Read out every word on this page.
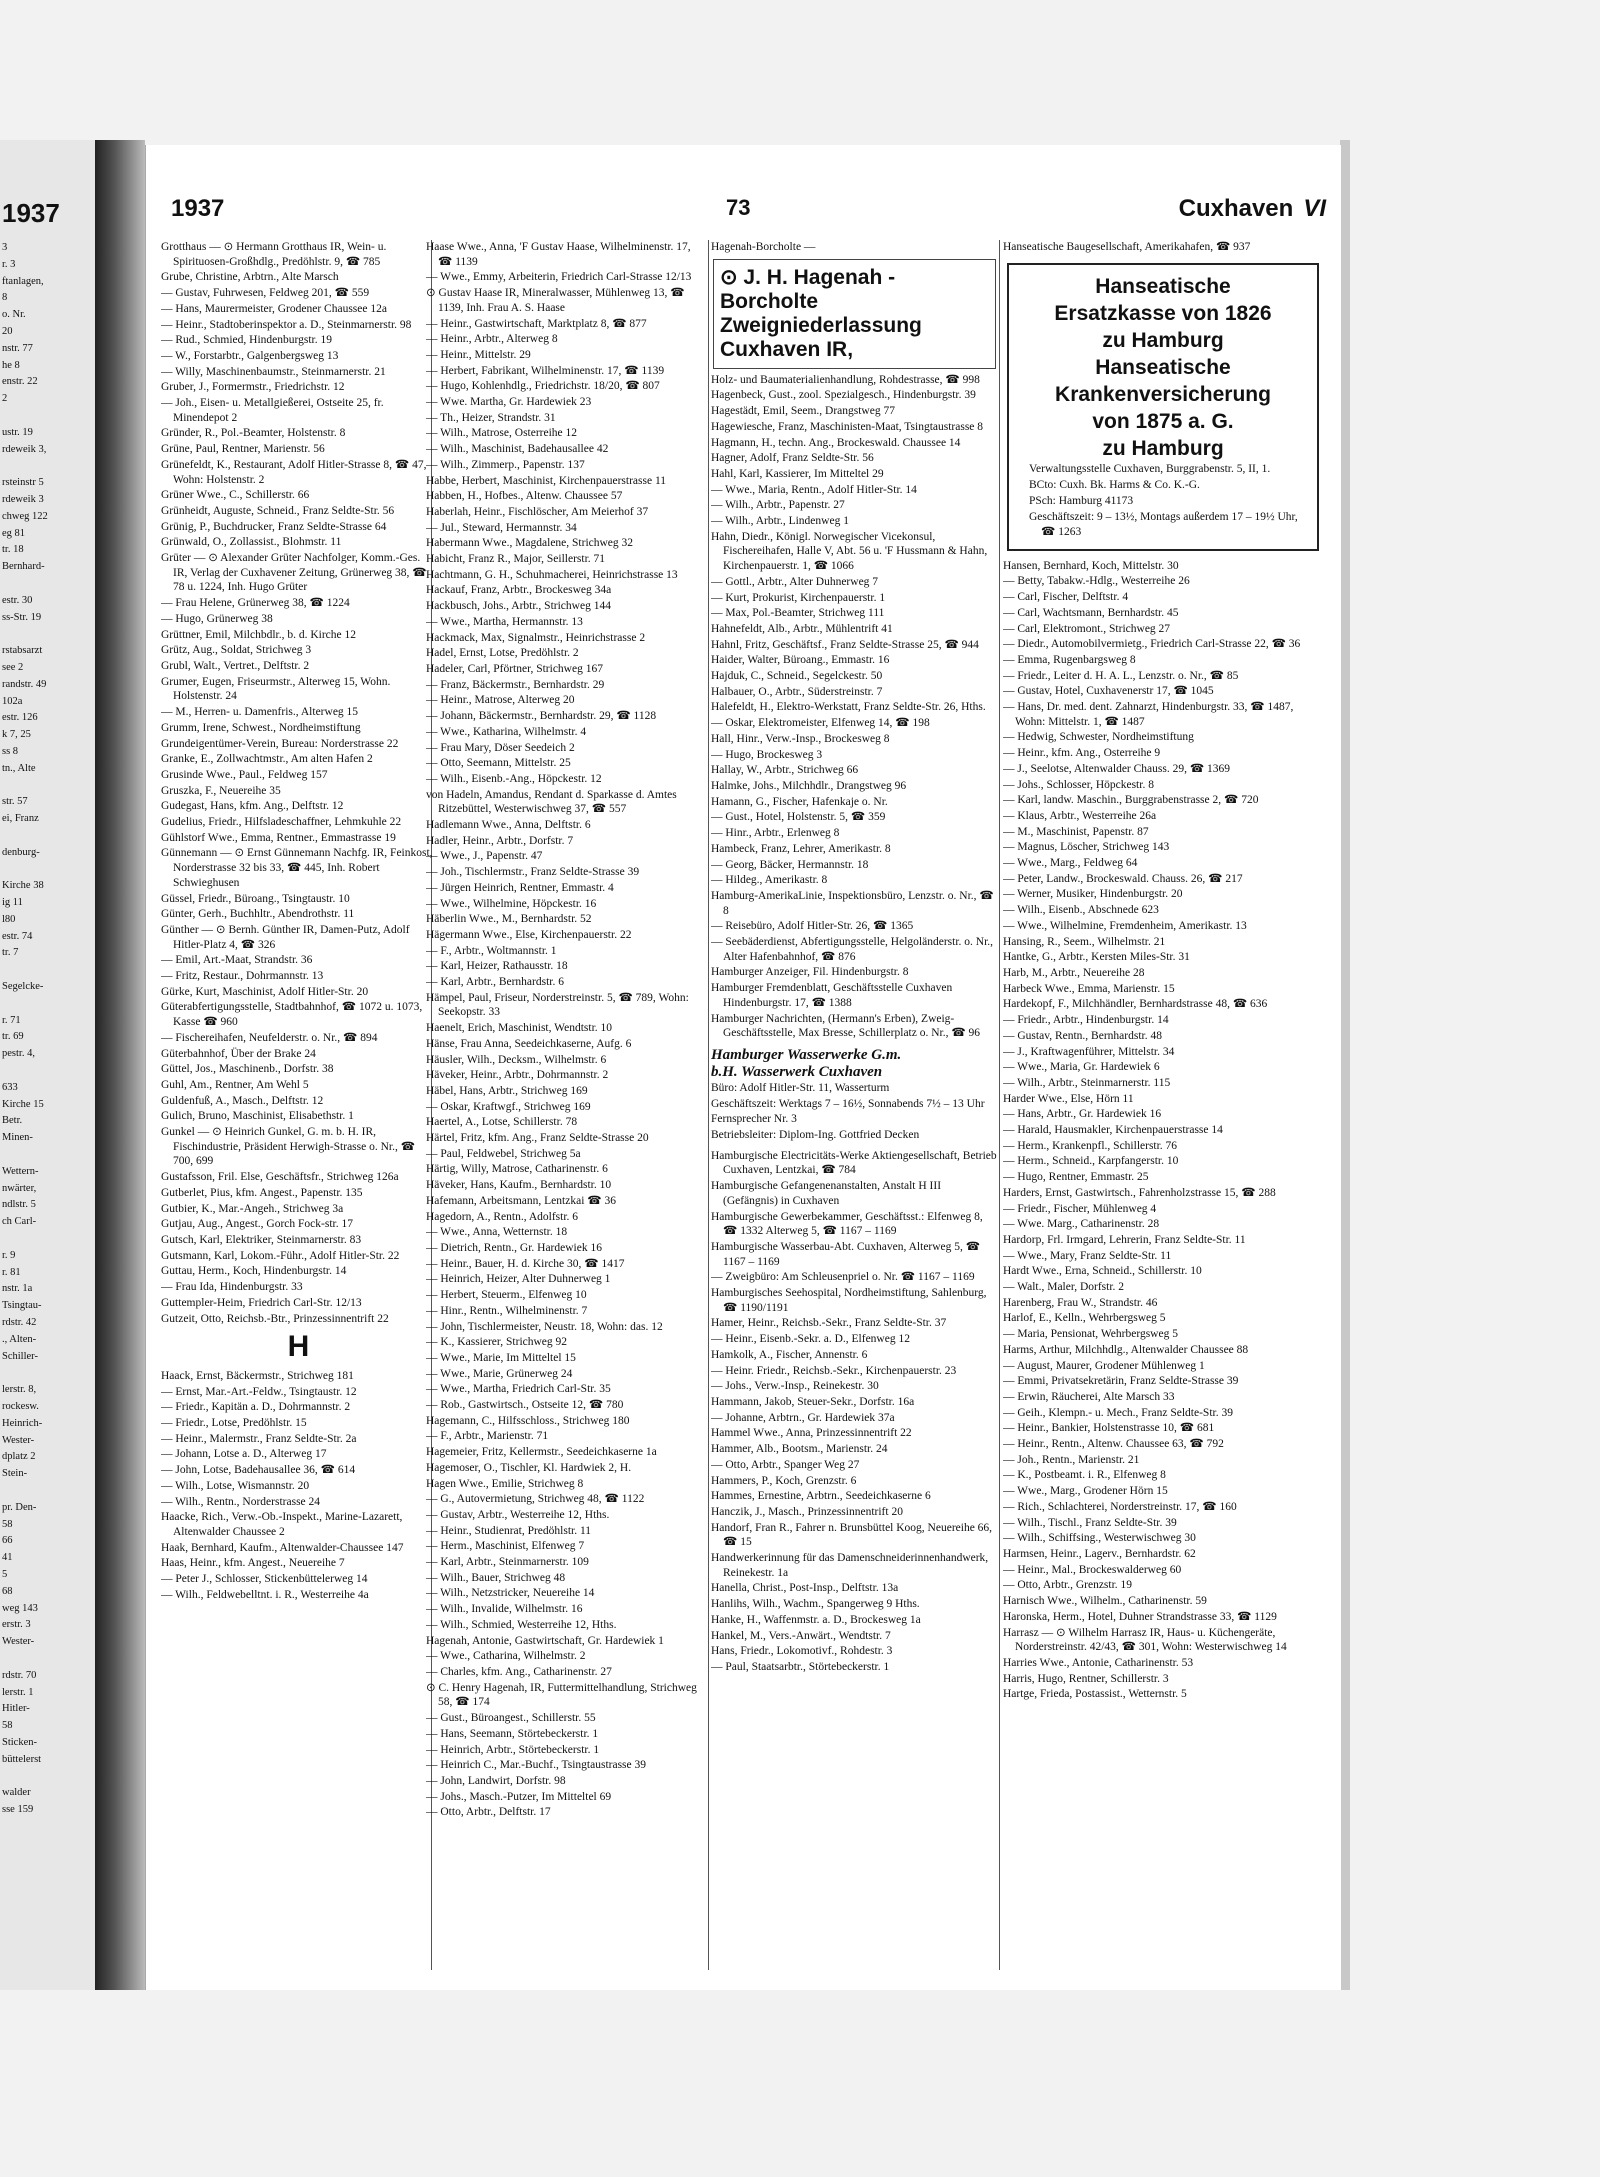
1937
3
r. 3
ftanlagen,
8
o. Nr.
20
nstr. 77
he 8
enstr. 22
2

ustr. 19
rdeweik 3,

rsteinstr 5
rdeweik 3
chweg 122
eg 81
tr. 18
Bernhard-

estr. 30
ss-Str. 19

rstabsarzt
see 2
randstr. 49
102a
estr. 126
k 7, 25
ss 8
tn., Alte

str. 57
ei, Franz

denburg-

Kirche 38
ig 11
l80
estr. 74
tr. 7

Segelcke-

r. 71
tr. 69
pestr. 4,

633
Kirche 15
Betr.
Minen-

Wettern-
nwärter,
ndlstr. 5
ch Carl-

r. 9
r. 81
nstr. 1a
Tsingtau-
rdstr. 42
., Alten-
Schiller-

lerstr. 8,
rockesw.
Heinrich-
Wester-
dplatz 2
Stein-

pr. Den-
58
66
41
5
68
weg 143
erstr. 3
Wester-

rdstr. 70
lerstr. 1
Hitler-
58
Sticken-
büttelerst

walder
sse 159
1937	73	Cuxhaven VI

Grotthaus — ⊙ Hermann Grotthaus IR, Wein- u. Spirituosen-Großhdlg., Predöhlstr. 9, ☎ 785

Grube, Christine, Arbtrn., Alte Marsch

— Gustav, Fuhrwesen, Feldweg 201, ☎ 559

— Hans, Maurermeister, Grodener Chaussee 12a

— Heinr., Stadtoberinspektor a. D., Steinmarnerstr. 98

— Rud., Schmied, Hindenburgstr. 19

— W., Forstarbtr., Galgenbergsweg 13

— Willy, Maschinenbaumstr., Steinmarnerstr. 21

Gruber, J., Formermstr., Friedrichstr. 12

— Joh., Eisen- u. Metallgießerei, Ostseite 25, fr. Minendepot 2

Gründer, R., Pol.-Beamter, Holstenstr. 8

Grüne, Paul, Rentner, Marienstr. 56

Grünefeldt, K., Restaurant, Adolf Hitler-Strasse 8, ☎ 47, Wohn: Holstenstr. 2

Grüner Wwe., C., Schillerstr. 66

Grünheidt, Auguste, Schneid., Franz Seldte-Str. 56

Grünig, P., Buchdrucker, Franz Seldte-Strasse 64

Grünwald, O., Zollassist., Blohmstr. 11

Grüter — ⊙ Alexander Grüter Nachfolger, Komm.-Ges. IR, Verlag der Cuxhavener Zeitung, Grünerweg 38, ☎ 78 u. 1224, Inh. Hugo Grüter

— Frau Helene, Grünerweg 38, ☎ 1224

— Hugo, Grünerweg 38

Grüttner, Emil, Milchbdlr., b. d. Kirche 12

Grütz, Aug., Soldat, Strichweg 3

Grubl, Walt., Vertret., Delftstr. 2

Grumer, Eugen, Friseurmstr., Alterweg 15, Wohn. Holstenstr. 24

— M., Herren- u. Damenfris., Alterweg 15

Grumm, Irene, Schwest., Nordheimstiftung

Grundeigentümer-Verein, Bureau: Norderstrasse 22

Granke, E., Zollwachtmstr., Am alten Hafen 2

Grusinde Wwe., Paul., Feldweg 157

Gruszka, F., Neuereihe 35

Gudegast, Hans, kfm. Ang., Delftstr. 12

Gudelius, Friedr., Hilfsladeschaffner, Lehmkuhle 22

Gühlstorf Wwe., Emma, Rentner., Emmastrasse 19

Günnemann — ⊙ Ernst Günnemann Nachfg. IR, Feinkost, Norderstrasse 32 bis 33, ☎ 445, Inh. Robert Schwieghusen

Güssel, Friedr., Büroang., Tsingtaustr. 10

Günter, Gerh., Buchhltr., Abendrothstr. 11

Günther — ⊙ Bernh. Günther IR, Damen-Putz, Adolf Hitler-Platz 4, ☎ 326

— Emil, Art.-Maat, Strandstr. 36

— Fritz, Restaur., Dohrmannstr. 13

Gürke, Kurt, Maschinist, Adolf Hitler-Str. 20

Güterabfertigungsstelle, Stadtbahnhof, ☎ 1072 u. 1073, Kasse ☎ 960

— Fischereihafen, Neufelderstr. o. Nr., ☎ 894

Güterbahnhof, Über der Brake 24

Güttel, Jos., Maschinenb., Dorfstr. 38

Guhl, Am., Rentner, Am Wehl 5

Guldenfuß, A., Masch., Delftstr. 12

Gulich, Bruno, Maschinist, Elisabethstr. 1

Gunkel — ⊙ Heinrich Gunkel, G. m. b. H. IR, Fischindustrie, Präsident Herwigh-Strasse o. Nr., ☎ 700, 699

Gustafsson, Fril. Else, Geschäftsfr., Strichweg 126a

Gutberlet, Pius, kfm. Angest., Papenstr. 135

Gutbier, K., Mar.-Angeh., Strichweg 3a

Gutjau, Aug., Angest., Gorch Fock-str. 17

Gutsch, Karl, Elektriker, Steinmarnerstr. 83

Gutsmann, Karl, Lokom.-Führ., Adolf Hitler-Str. 22

Guttau, Herm., Koch, Hindenburgstr. 14

— Frau Ida, Hindenburgstr. 33

Guttempler-Heim, Friedrich Carl-Str. 12/13

Gutzeit, Otto, Reichsb.-Btr., Prinzessinnentrift 22

H

Haack, Ernst, Bäckermstr., Strichweg 181

— Ernst, Mar.-Art.-Feldw., Tsingtaustr. 12

— Friedr., Kapitän a. D., Dohrmannstr. 2

— Friedr., Lotse, Predöhlstr. 15

— Heinr., Malermstr., Franz Seldte-Str. 2a

— Johann, Lotse a. D., Alterweg 17

— John, Lotse, Badehausallee 36, ☎ 614

— Wilh., Lotse, Wismannstr. 20

— Wilh., Rentn., Norderstrasse 24

Haacke, Rich., Verw.-Ob.-Inspekt., Marine-Lazarett, Altenwalder Chaussee 2

Haak, Bernhard, Kaufm., Altenwalder-Chaussee 147

Haas, Heinr., kfm. Angest., Neuereihe 7

— Peter J., Schlosser, Stickenbüttelerweg 14

— Wilh., Feldwebelltnt. i. R., Westerreihe 4a

Haase Wwe., Anna, 'F Gustav Haase, Wilhelminenstr. 17, ☎ 1139

— Wwe., Emmy, Arbeiterin, Friedrich Carl-Strasse 12/13

⊙ Gustav Haase IR, Mineralwasser, Mühlenweg 13, ☎ 1139, Inh. Frau A. S. Haase

— Heinr., Gastwirtschaft, Marktplatz 8, ☎ 877

— Heinr., Arbtr., Alterweg 8

— Heinr., Mittelstr. 29

— Herbert, Fabrikant, Wilhelminenstr. 17, ☎ 1139

— Hugo, Kohlenhdlg., Friedrichstr. 18/20, ☎ 807

— Wwe. Martha, Gr. Hardewiek 23

— Th., Heizer, Strandstr. 31

— Wilh., Matrose, Osterreihe 12

— Wilh., Maschinist, Badehausallee 42

— Wilh., Zimmerp., Papenstr. 137

Habbe, Herbert, Maschinist, Kirchenpauerstrasse 11

Habben, H., Hofbes., Altenw. Chaussee 57

Haberlah, Heinr., Fischlöscher, Am Meierhof 37

— Jul., Steward, Hermannstr. 34

Habermann Wwe., Magdalene, Strichweg 32

Habicht, Franz R., Major, Seillerstr. 71

Hachtmann, G. H., Schuhmacherei, Heinrichstrasse 13

Hackauf, Franz, Arbtr., Brockesweg 34a

Hackbusch, Johs., Arbtr., Strichweg 144

— Wwe., Martha, Hermannstr. 13

Hackmack, Max, Signalmstr., Heinrichstrasse 2

Hadel, Ernst, Lotse, Predöhlstr. 2

Hadeler, Carl, Pförtner, Strichweg 167

— Franz, Bäckermstr., Bernhardstr. 29

— Heinr., Matrose, Alterweg 20

— Johann, Bäckermstr., Bernhardstr. 29, ☎ 1128

— Wwe., Katharina, Wilhelmstr. 4

— Frau Mary, Döser Seedeich 2

— Otto, Seemann, Mittelstr. 25

— Wilh., Eisenb.-Ang., Höpckestr. 12

von Hadeln, Amandus, Rendant d. Sparkasse d. Amtes Ritzebüttel, Westerwischweg 37, ☎ 557

Hadlemann Wwe., Anna, Delftstr. 6

Hadler, Heinr., Arbtr., Dorfstr. 7

— Wwe., J., Papenstr. 47

— Joh., Tischlermstr., Franz Seldte-Strasse 39

— Jürgen Heinrich, Rentner, Emmastr. 4

— Wwe., Wilhelmine, Höpckestr. 16

Häberlin Wwe., M., Bernhardstr. 52

Hägermann Wwe., Else, Kirchenpauerstr. 22

— F., Arbtr., Woltmannstr. 1

— Karl, Heizer, Rathausstr. 18

— Karl, Arbtr., Bernhardstr. 6

Hämpel, Paul, Friseur, Norderstreinstr. 5, ☎ 789, Wohn: Seekopstr. 33

Haenelt, Erich, Maschinist, Wendtstr. 10

Hänse, Frau Anna, Seedeichkaserne, Aufg. 6

Häusler, Wilh., Decksm., Wilhelmstr. 6

Häveker, Heinr., Arbtr., Dohrmannstr. 2

Häbel, Hans, Arbtr., Strichweg 169

— Oskar, Kraftwgf., Strichweg 169

Haertel, A., Lotse, Schillerstr. 78

Härtel, Fritz, kfm. Ang., Franz Seldte-Strasse 20

— Paul, Feldwebel, Strichweg 5a

Härtig, Willy, Matrose, Catharinenstr. 6

Häveker, Hans, Kaufm., Bernhardstr. 10

Hafemann, Arbeitsmann, Lentzkai ☎ 36

Hagedorn, A., Rentn., Adolfstr. 6

— Wwe., Anna, Wetternstr. 18

— Dietrich, Rentn., Gr. Hardewiek 16

— Heinr., Bauer, H. d. Kirche 30, ☎ 1417

— Heinrich, Heizer, Alter Duhnerweg 1

— Herbert, Steuerm., Elfenweg 10

— Hinr., Rentn., Wilhelminenstr. 7

— John, Tischlermeister, Neustr. 18, Wohn: das. 12

— K., Kassierer, Strichweg 92

— Wwe., Marie, Im Mitteltel 15

— Wwe., Marie, Grünerweg 24

— Wwe., Martha, Friedrich Carl-Str. 35

— Rob., Gastwirtsch., Ostseite 12, ☎ 780

Hagemann, C., Hilfsschloss., Strichweg 180

— F., Arbtr., Marienstr. 71

Hagemeier, Fritz, Kellermstr., Seedeichkaserne 1a

Hagemoser, O., Tischler, Kl. Hardwiek 2, H.

Hagen Wwe., Emilie, Strichweg 8

— G., Autovermietung, Strichweg 48, ☎ 1122

— Gustav, Arbtr., Westerreihe 12, Hths.

— Heinr., Studienrat, Predöhlstr. 11

— Herm., Maschinist, Elfenweg 7

— Karl, Arbtr., Steinmarnerstr. 109

— Wilh., Bauer, Strichweg 48

— Wilh., Netzstricker, Neuereihe 14

— Wilh., Invalide, Wilhelmstr. 16

— Wilh., Schmied, Westerreihe 12, Hths.

Hagenah, Antonie, Gastwirtschaft, Gr. Hardewiek 1

— Wwe., Catharina, Wilhelmstr. 2

— Charles, kfm. Ang., Catharinenstr. 27

⊙ C. Henry Hagenah, IR, Futtermittelhandlung, Strichweg 58, ☎ 174

— Gust., Büroangest., Schillerstr. 55

— Hans, Seemann, Störtebeckerstr. 1

— Heinrich, Arbtr., Störtebeckerstr. 1

— Heinrich C., Mar.-Buchf., Tsingtaustrasse 39

— John, Landwirt, Dorfstr. 98

— Johs., Masch.-Putzer, Im Mitteltel 69

— Otto, Arbtr., Delftstr. 17

Hagenah-Borcholte —

⊙ J. H. Hagenah - Borcholte
Zweigniederlassung
Cuxhaven IR,

Holz- und Baumaterialienhandlung, Rohdestrasse, ☎ 998

Hagenbeck, Gust., zool. Spezialgesch., Hindenburgstr. 39

Hagestädt, Emil, Seem., Drangstweg 77

Hagewiesche, Franz, Maschinisten-Maat, Tsingtaustrasse 8

Hagmann, H., techn. Ang., Brockeswald. Chaussee 14

Hagner, Adolf, Franz Seldte-Str. 56

Hahl, Karl, Kassierer, Im Mitteltel 29

— Wwe., Maria, Rentn., Adolf Hitler-Str. 14

— Wilh., Arbtr., Papenstr. 27

— Wilh., Arbtr., Lindenweg 1

Hahn, Diedr., Königl. Norwegischer Vicekonsul, Fischereihafen, Halle V, Abt. 56 u. 'F Hussmann & Hahn, Kirchenpauerstr. 1, ☎ 1066

— Gottl., Arbtr., Alter Duhnerweg 7

— Kurt, Prokurist, Kirchenpauerstr. 1

— Max, Pol.-Beamter, Strichweg 111

Hahnefeldt, Alb., Arbtr., Mühlentrift 41

Hahnl, Fritz, Geschäftsf., Franz Seldte-Strasse 25, ☎ 944

Haider, Walter, Büroang., Emmastr. 16

Hajduk, C., Schneid., Segelckestr. 50

Halbauer, O., Arbtr., Süderstreinstr. 7

Halefeldt, H., Elektro-Werkstatt, Franz Seldte-Str. 26, Hths.

— Oskar, Elektromeister, Elfenweg 14, ☎ 198

Hall, Hinr., Verw.-Insp., Brockesweg 8

— Hugo, Brockesweg 3

Hallay, W., Arbtr., Strichweg 66

Halmke, Johs., Milchhdlr., Drangstweg 96

Hamann, G., Fischer, Hafenkaje o. Nr.

— Gust., Hotel, Holstenstr. 5, ☎ 359

— Hinr., Arbtr., Erlenweg 8

Hambeck, Franz, Lehrer, Amerikastr. 8

— Georg, Bäcker, Hermannstr. 18

— Hildeg., Amerikastr. 8

Hamburg-AmerikaLinie, Inspektionsbüro, Lenzstr. o. Nr., ☎ 8

— Reisebüro, Adolf Hitler-Str. 26, ☎ 1365

— Seebäderdienst, Abfertigungsstelle, Helgoländerstr. o. Nr., Alter Hafenbahnhof, ☎ 876

Hamburger Anzeiger, Fil. Hindenburgstr. 8

Hamburger Fremdenblatt, Geschäftsstelle Cuxhaven Hindenburgstr. 17, ☎ 1388

Hamburger Nachrichten, (Hermann's Erben), Zweig-Geschäftsstelle, Max Bresse, Schillerplatz o. Nr., ☎ 96

Hamburger Wasserwerke G.m.
b.H. Wasserwerk Cuxhaven

Büro: Adolf Hitler-Str. 11, Wasserturm

Geschäftszeit: Werktags 7 – 16½, Sonnabends 7½ – 13 Uhr

Fernsprecher Nr. 3

Betriebsleiter: Diplom-Ing. Gottfried Decken

Hamburgische Electricitäts-Werke Aktiengesellschaft, Betrieb Cuxhaven, Lentzkai, ☎ 784

Hamburgische Gefangenenanstalten, Anstalt H III (Gefängnis) in Cuxhaven

Hamburgische Gewerbekammer, Geschäftsst.: Elfenweg 8, ☎ 1332 Alterweg 5, ☎ 1167 – 1169

Hamburgische Wasserbau-Abt. Cuxhaven, Alterweg 5, ☎ 1167 – 1169

— Zweigbüro: Am Schleusenpriel o. Nr. ☎ 1167 – 1169

Hamburgisches Seehospital, Nordheimstiftung, Sahlenburg, ☎ 1190/1191

Hamer, Heinr., Reichsb.-Sekr., Franz Seldte-Str. 37

— Heinr., Eisenb.-Sekr. a. D., Elfenweg 12

Hamkolk, A., Fischer, Annenstr. 6

— Heinr. Friedr., Reichsb.-Sekr., Kirchenpauerstr. 23

— Johs., Verw.-Insp., Reinekestr. 30

Hammann, Jakob, Steuer-Sekr., Dorfstr. 16a

— Johanne, Arbtrn., Gr. Hardewiek 37a

Hammel Wwe., Anna, Prinzessinnentrift 22

Hammer, Alb., Bootsm., Marienstr. 24

— Otto, Arbtr., Spanger Weg 27

Hammers, P., Koch, Grenzstr. 6

Hammes, Ernestine, Arbtrn., Seedeichkaserne 6

Hanczik, J., Masch., Prinzessinnentrift 20

Handorf, Fran R., Fahrer n. Brunsbüttel Koog, Neuereihe 66, ☎ 15

Handwerkerinnung für das Damenschneiderinnenhandwerk, Reinekestr. 1a

Hanella, Christ., Post-Insp., Delftstr. 13a

Hanlihs, Wilh., Wachm., Spangerweg 9 Hths.

Hanke, H., Waffenmstr. a. D., Brockesweg 1a

Hankel, M., Vers.-Anwärt., Wendtstr. 7

Hans, Friedr., Lokomotivf., Rohdestr. 3

— Paul, Staatsarbtr., Störtebeckerstr. 1

Hanseatische Baugesellschaft, Amerikahafen, ☎ 937

Hanseatische
Ersatzkasse von 1826
zu Hamburg
Hanseatische
Krankenversicherung
von 1875 a. G.
zu Hamburg

Verwaltungsstelle Cuxhaven, Burggrabenstr. 5, II, 1.

BCto: Cuxh. Bk. Harms & Co. K.-G.

PSch: Hamburg 41173

Geschäftszeit: 9 – 13½, Montags außerdem 17 – 19½ Uhr, ☎ 1263

Hansen, Bernhard, Koch, Mittelstr. 30

— Betty, Tabakw.-Hdlg., Westerreihe 26

— Carl, Fischer, Delftstr. 4

— Carl, Wachtsmann, Bernhardstr. 45

— Carl, Elektromont., Strichweg 27

— Diedr., Automobilvermietg., Friedrich Carl-Strasse 22, ☎ 36

— Emma, Rugenbargsweg 8

— Friedr., Leiter d. H. A. L., Lenzstr. o. Nr., ☎ 85

— Gustav, Hotel, Cuxhavenerstr 17, ☎ 1045

— Hans, Dr. med. dent. Zahnarzt, Hindenburgstr. 33, ☎ 1487, Wohn: Mittelstr. 1, ☎ 1487

— Hedwig, Schwester, Nordheimstiftung

— Heinr., kfm. Ang., Osterreihe 9

— J., Seelotse, Altenwalder Chauss. 29, ☎ 1369

— Johs., Schlosser, Höpckestr. 8

— Karl, landw. Maschin., Burggrabenstrasse 2, ☎ 720

— Klaus, Arbtr., Westerreihe 26a

— M., Maschinist, Papenstr. 87

— Magnus, Löscher, Strichweg 143

— Wwe., Marg., Feldweg 64

— Peter, Landw., Brockeswald. Chauss. 26, ☎ 217

— Werner, Musiker, Hindenburgstr. 20

— Wilh., Eisenb., Abschnede 623

— Wwe., Wilhelmine, Fremdenheim, Amerikastr. 13

Hansing, R., Seem., Wilhelmstr. 21

Hantke, G., Arbtr., Kersten Miles-Str. 31

Harb, M., Arbtr., Neuereihe 28

Harbeck Wwe., Emma, Marienstr. 15

Hardekopf, F., Milchhändler, Bernhardstrasse 48, ☎ 636

— Friedr., Arbtr., Hindenburgstr. 14

— Gustav, Rentn., Bernhardstr. 48

— J., Kraftwagenführer, Mittelstr. 34

— Wwe., Maria, Gr. Hardewiek 6

— Wilh., Arbtr., Steinmarnerstr. 115

Harder Wwe., Else, Hörn 11

— Hans, Arbtr., Gr. Hardewiek 16

— Harald, Hausmakler, Kirchenpauerstrasse 14

— Herm., Krankenpfl., Schillerstr. 76

— Herm., Schneid., Karpfangerstr. 10

— Hugo, Rentner, Emmastr. 25

Harders, Ernst, Gastwirtsch., Fahrenholzstrasse 15, ☎ 288

— Friedr., Fischer, Mühlenweg 4

— Wwe. Marg., Catharinenstr. 28

Hardorp, Frl. Irmgard, Lehrerin, Franz Seldte-Str. 11

— Wwe., Mary, Franz Seldte-Str. 11

Hardt Wwe., Erna, Schneid., Schillerstr. 10

— Walt., Maler, Dorfstr. 2

Harenberg, Frau W., Strandstr. 46

Harlof, E., Kelln., Wehrbergsweg 5

— Maria, Pensionat, Wehrbergsweg 5

Harms, Arthur, Milchhdlg., Altenwalder Chaussee 88

— August, Maurer, Grodener Mühlenweg 1

— Emmi, Privatsekretärin, Franz Seldte-Strasse 39

— Erwin, Räucherei, Alte Marsch 33

— Geih., Klempn.- u. Mech., Franz Seldte-Str. 39

— Heinr., Bankier, Holstenstrasse 10, ☎ 681

— Heinr., Rentn., Altenw. Chaussee 63, ☎ 792

— Joh., Rentn., Marienstr. 21

— K., Postbeamt. i. R., Elfenweg 8

— Wwe., Marg., Grodener Hörn 15

— Rich., Schlachterei, Norderstreinstr. 17, ☎ 160

— Wilh., Tischl., Franz Seldte-Str. 39

— Wilh., Schiffsing., Westerwischweg 30

Harmsen, Heinr., Lagerv., Bernhardstr. 62

— Heinr., Mal., Brockeswalderweg 60

— Otto, Arbtr., Grenzstr. 19

Harnisch Wwe., Wilhelm., Catharinenstr. 59

Haronska, Herm., Hotel, Duhner Strandstrasse 33, ☎ 1129

Harrasz — ⊙ Wilhelm Harrasz IR, Haus- u. Küchengeräte, Norderstreinstr. 42/43, ☎ 301, Wohn: Westerwischweg 14

Harries Wwe., Antonie, Catharinenstr. 53

Harris, Hugo, Rentner, Schillerstr. 3

Hartge, Frieda, Postassist., Wetternstr. 5
